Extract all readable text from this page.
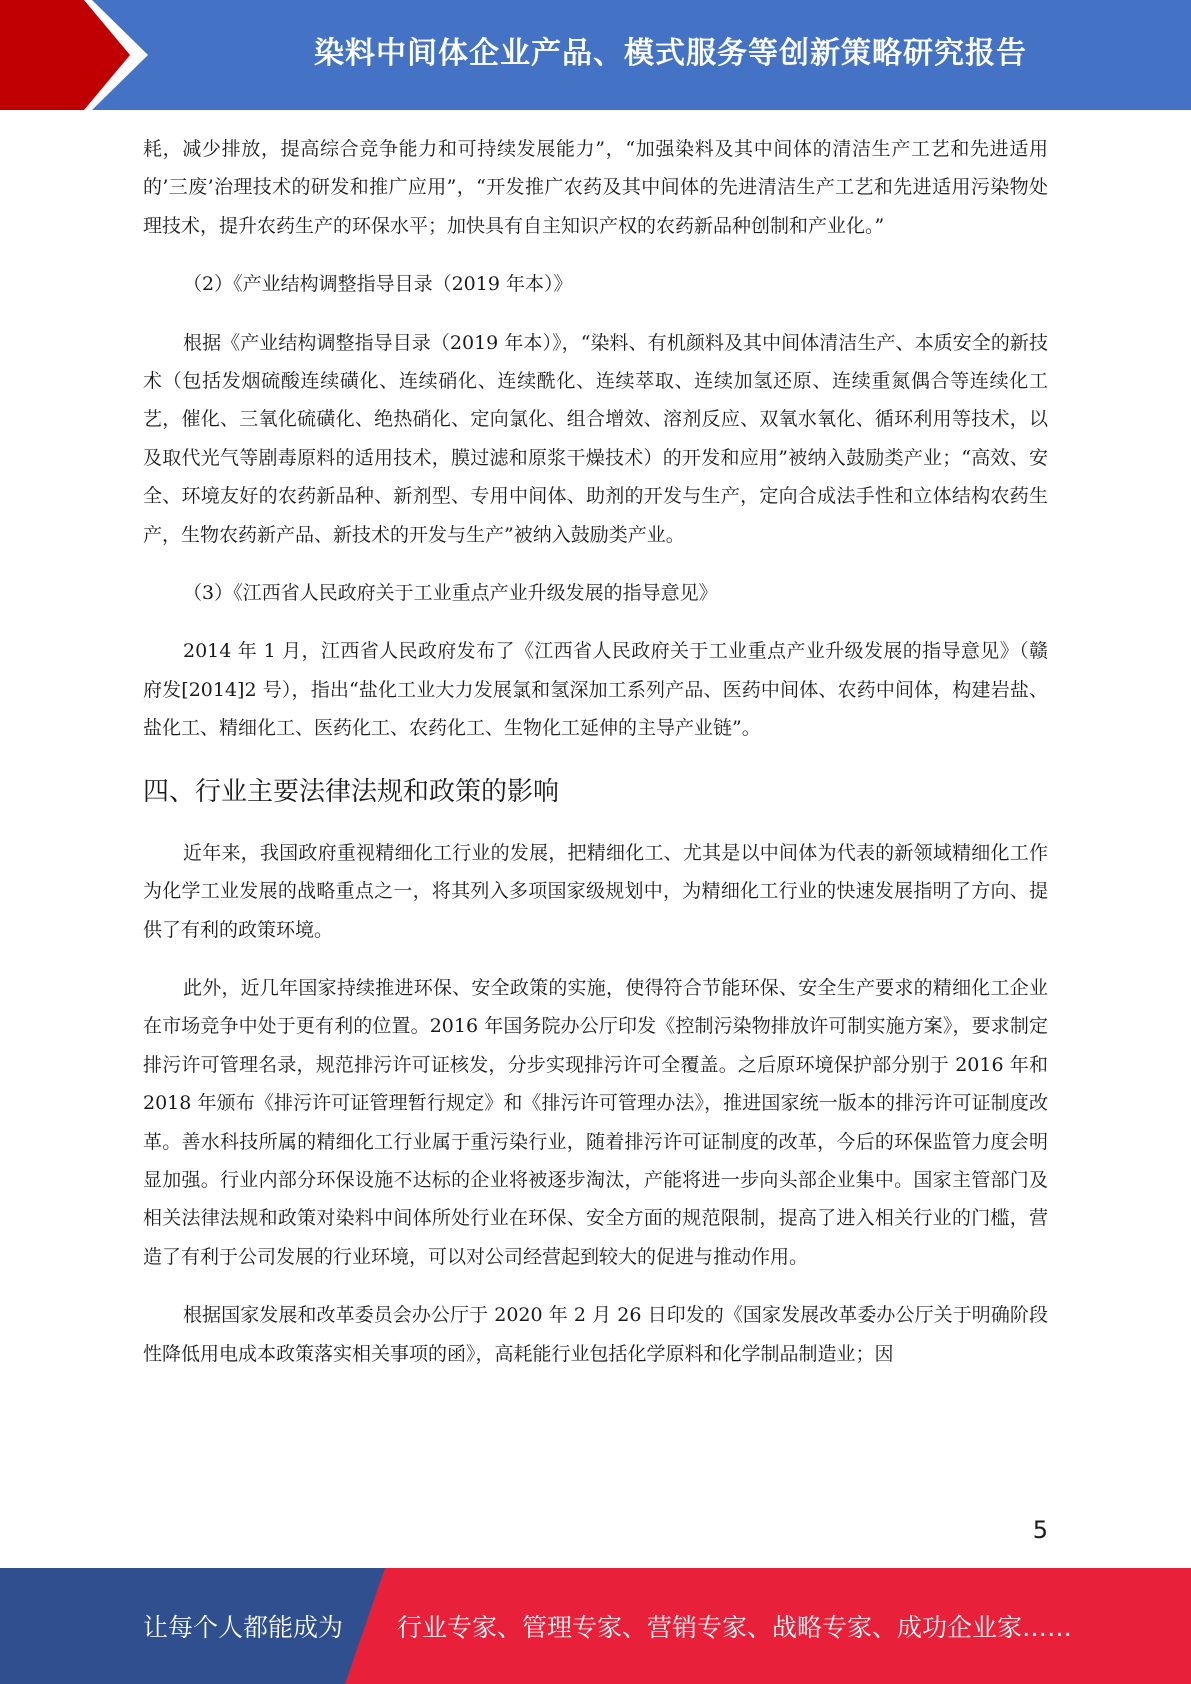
染料中间体企业产品、模式服务等创新策略研究报告

耗，减少排放，提高综合竞争能力和可持续发展能力”，“加强染料及其中间体的清洁生产工艺和先进适用的’三废’治理技术的研发和推广应用”，“开发推广农药及其中间体的先进清洁生产工艺和先进适用污染物处理技术，提升农药生产的环保水平；加快具有自主知识产权的农药新品种创制和产业化。”

（2）《产业结构调整指导目录（2019 年本）》

根据《产业结构调整指导目录（2019 年本）》，“染料、有机颜料及其中间体清洁生产、本质安全的新技术（包括发烟硫酸连续磺化、连续硝化、连续酰化、连续萃取、连续加氢还原、连续重氮偶合等连续化工艺，催化、三氧化硫磺化、绝热硝化、定向氯化、组合增效、溶剂反应、双氧水氧化、循环利用等技术，以及取代光气等剧毒原料的适用技术，膜过滤和原浆干燥技术）的开发和应用”被纳入鼓励类产业；“高效、安全、环境友好的农药新品种、新剂型、专用中间体、助剂的开发与生产，定向合成法手性和立体结构农药生产，生物农药新产品、新技术的开发与生产”被纳入鼓励类产业。

（3）《江西省人民政府关于工业重点产业升级发展的指导意见》

2014 年 1 月，江西省人民政府发布了《江西省人民政府关于工业重点产业升级发展的指导意见》（赣府发[2014]2 号），指出“盐化工业大力发展氯和氢深加工系列产品、医药中间体、农药中间体，构建岩盐、盐化工、精细化工、医药化工、农药化工、生物化工延伸的主导产业链”。

四、行业主要法律法规和政策的影响

近年来，我国政府重视精细化工行业的发展，把精细化工、尤其是以中间体为代表的新领域精细化工作为化学工业发展的战略重点之一，将其列入多项国家级规划中，为精细化工行业的快速发展指明了方向、提供了有利的政策环境。

此外，近几年国家持续推进环保、安全政策的实施，使得符合节能环保、安全生产要求的精细化工企业在市场竞争中处于更有利的位置。2016 年国务院办公厅印发《控制污染物排放许可制实施方案》，要求制定排污许可管理名录，规范排污许可证核发，分步实现排污许可全覆盖。之后原环境保护部分别于 2016 年和 2018 年颁布《排污许可证管理暂行规定》和《排污许可管理办法》，推进国家统一版本的排污许可证制度改革。善水科技所属的精细化工行业属于重污染行业，随着排污许可证制度的改革，今后的环保监管力度会明显加强。行业内部分环保设施不达标的企业将被逐步淘汰，产能将进一步向头部企业集中。国家主管部门及相关法律法规和政策对染料中间体所处行业在环保、安全方面的规范限制，提高了进入相关行业的门槛，营造了有利于公司发展的行业环境，可以对公司经营起到较大的促进与推动作用。

根据国家发展和改革委员会办公厅于 2020 年 2 月 26 日印发的《国家发展改革委办公厅关于明确阶段性降低用电成本政策落实相关事项的函》，高耗能行业包括化学原料和化学制品制造业；因

5
让每个人都能成为 行业专家、管理专家、营销专家、战略专家、成功企业家……
